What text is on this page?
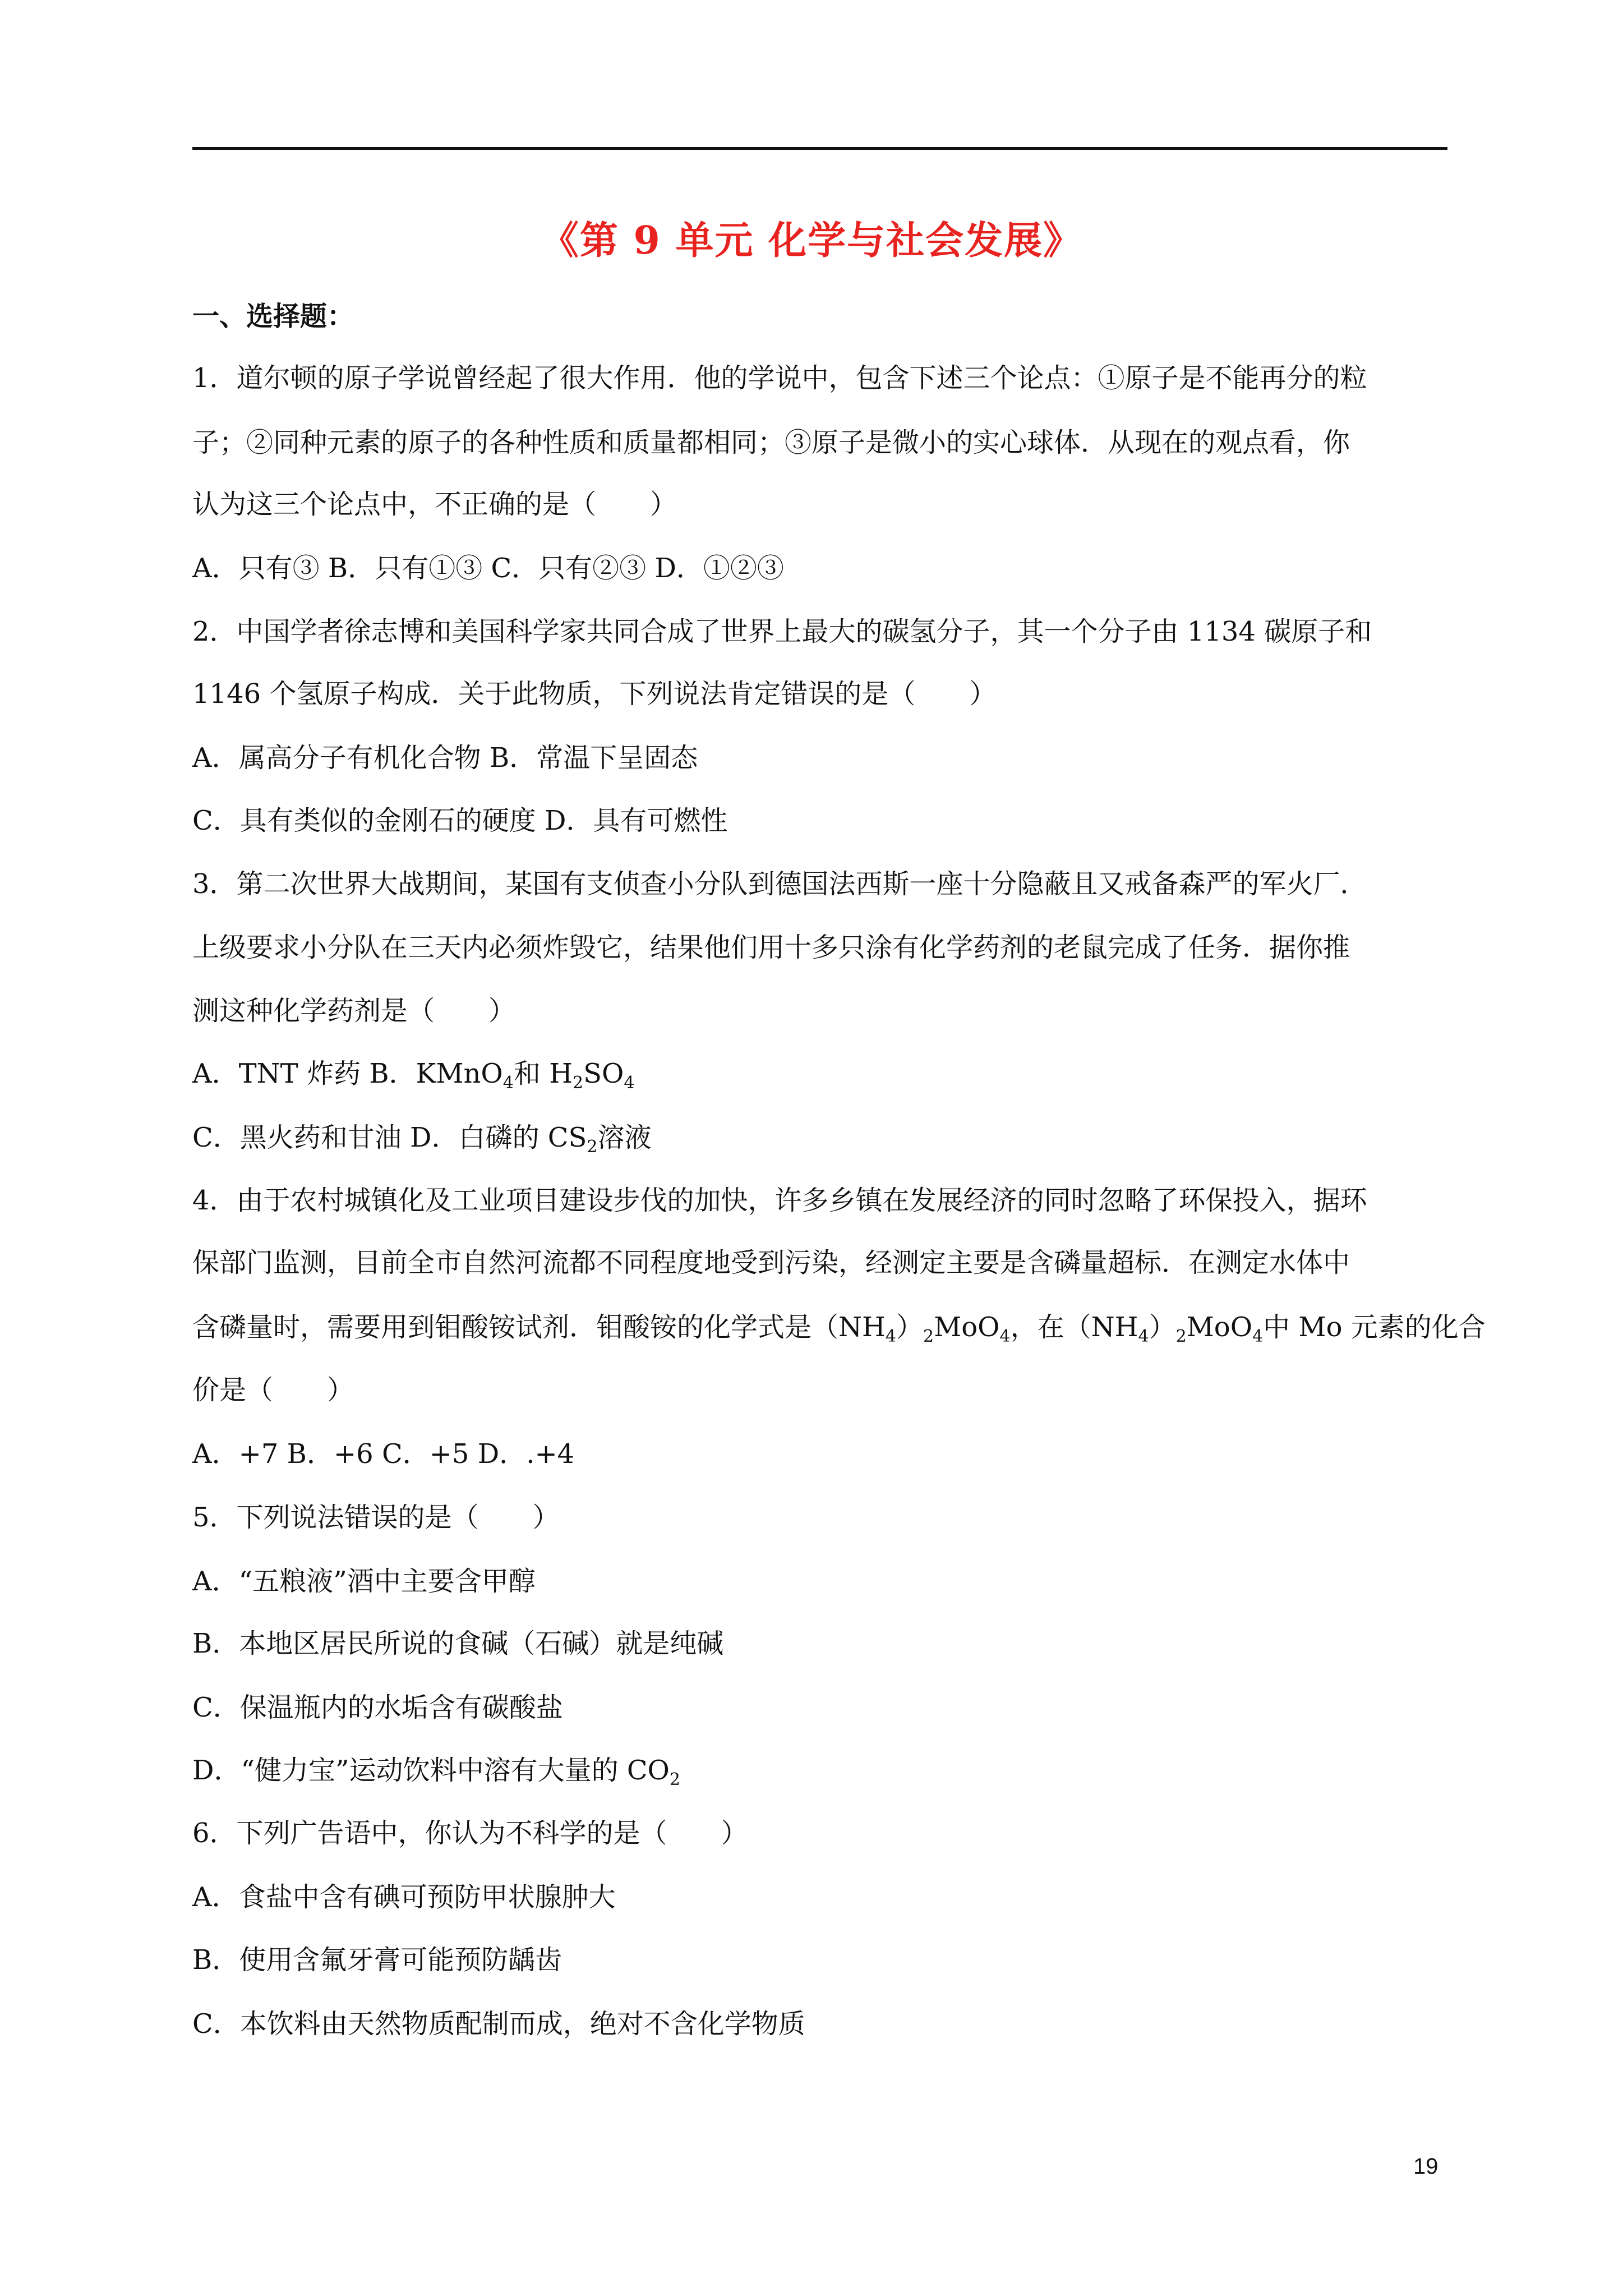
《第 9 单元 化学与社会发展》
一、选择题：
1．道尔顿的原子学说曾经起了很大作用．他的学说中，包含下述三个论点：①原子是不能再分的粒
子；②同种元素的原子的各种性质和质量都相同；③原子是微小的实心球体．从现在的观点看，你
认为这三个论点中，不正确的是（　　）
A．只有③ B．只有①③ C．只有②③ D．①②③
2．中国学者徐志博和美国科学家共同合成了世界上最大的碳氢分子，其一个分子由 1134 碳原子和
1146 个氢原子构成．关于此物质，下列说法肯定错误的是（　　）
A．属高分子有机化合物 B．常温下呈固态
C．具有类似的金刚石的硬度 D．具有可燃性
3．第二次世界大战期间，某国有支侦查小分队到德国法西斯一座十分隐蔽且又戒备森严的军火厂．
上级要求小分队在三天内必须炸毁它，结果他们用十多只涂有化学药剂的老鼠完成了任务．据你推
测这种化学药剂是（　　）
A．TNT 炸药 B．KMnO$_4$和 $H_2SO_4$
C．黑火药和甘油 D．白磷的 $CS_2$溶液
4．由于农村城镇化及工业项目建设步伐的加快，许多乡镇在发展经济的同时忽略了环保投入，据环
保部门监测，目前全市自然河流都不同程度地受到污染，经测定主要是含磷量超标．在测定水体中
含磷量时，需要用到钼酸铵试剂．钼酸铵的化学式是$(NH_4)_2MoO_4$，在$(NH_4)_2MoO_4$中 Mo 元素的化合
价是（　　）
A．+7 B．+6 C．+5 D．.+4
5．下列说法错误的是（　　）
A．“五粮液”酒中主要含甲醇
B．本地区居民所说的食碱（石碱）就是纯碱
C．保温瓶内的水垢含有碳酸盐
D．“健力宝”运动饮料中溶有大量的 $CO_2$
6．下列广告语中，你认为不科学的是（　　）
A．食盐中含有碘可预防甲状腺肿大
B．使用含氟牙膏可能预防龋齿
C．本饮料由天然物质配制而成，绝对不含化学物质
19
